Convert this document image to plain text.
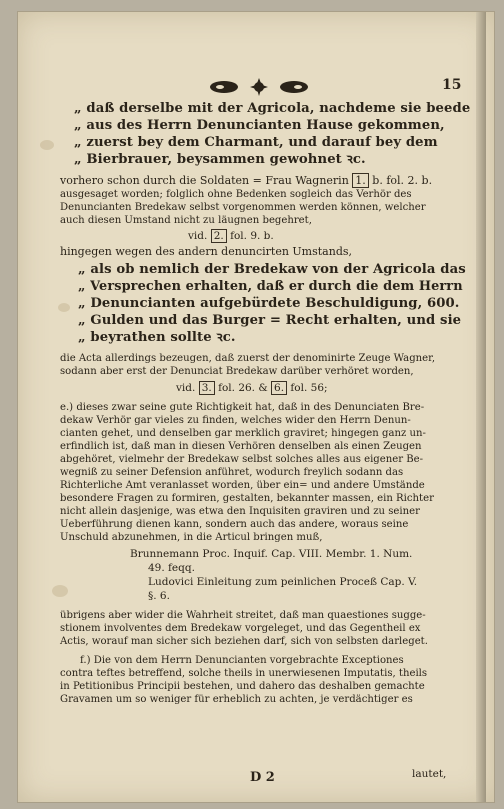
15
„ daß derselbe mit der Agricola, nachdeme sie beede
„ aus des Herrn Denuncianten Hause gekommen,
„ zuerst bey dem Charmant, und darauf bey dem
„ Bierbrauer, beysammen gewohnet ꝛc.
vorhero schon durch die Soldaten = Frau Wagnerin 1. b. fol. 2. b.
ausgesaget worden; folglich ohne Bedenken sogleich das Verhör des
Denuncianten Bredekaw selbst vorgenommen werden können, welcher
auch diesen Umstand nicht zu läugnen begehret,
vid. 2. fol. 9. b.
hingegen wegen des andern denuncirten Umstands,
„ als ob nemlich der Bredekaw von der Agricola das
„ Versprechen erhalten, daß er durch die dem Herrn
„ Denuncianten aufgebürdete Beschuldigung, 600.
„ Gulden und das Burger = Recht erhalten, und sie
„ beyrathen sollte ꝛc.
die Acta allerdings bezeugen, daß zuerst der denominirte Zeuge Wagner,
sodann aber erst der Denunciat Bredekaw darüber verhöret worden,
vid. 3. fol. 26. & 6. fol. 56;
e.) dieses zwar seine gute Richtigkeit hat, daß in des Denunciaten Bre-
dekaw Verhör gar vieles zu finden, welches wider den Herrn Denun-
cianten gehet, und denselben gar merklich graviret; hingegen ganz un-
erfindlich ist, daß man in diesen Verhören denselben als einen Zeugen
abgehöret, vielmehr der Bredekaw selbst solches alles aus eigener Be-
wegniß zu seiner Defension anführet, wodurch freylich sodann das
Richterliche Amt veranlasset worden, über ein= und andere Umstände
besondere Fragen zu formiren, gestalten, bekannter massen, ein Richter
nicht allein dasjenige, was etwa den Inquisiten graviren und zu seiner
Ueberführung dienen kann, sondern auch das andere, woraus seine
Unschuld abzunehmen, in die Articul bringen muß,
Brunnemann Proc. Inquif. Cap. VIII. Membr. 1. Num.
49. feqq.
Ludovici Einleitung zum peinlichen Proceß Cap. V.
§. 6.
übrigens aber wider die Wahrheit streitet, daß man quaestiones sugge-
stionem involventes dem Bredekaw vorgeleget, und das Gegentheil ex
Actis, worauf man sicher sich beziehen darf, sich von selbsten darleget.
f.) Die von dem Herrn Denuncianten vorgebrachte Exceptiones
contra teftes betreffend, solche theils in unerwiesenen Imputatis, theils
in Petitionibus Principii bestehen, und dahero das deshalben gemachte
Gravamen um so weniger für erheblich zu achten, je verdächtiger es
D 2	lautet,
